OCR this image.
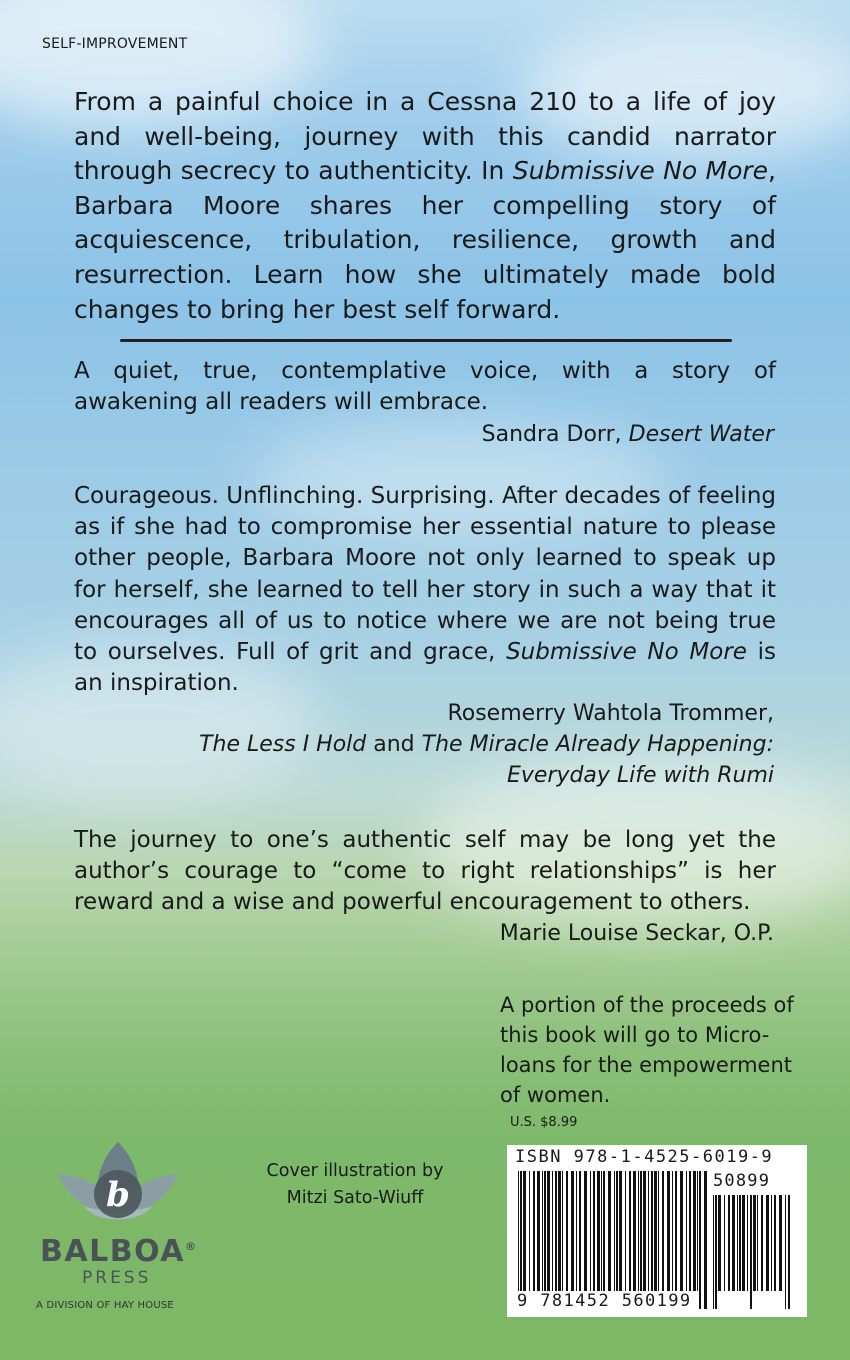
SELF-IMPROVEMENT
From a painful choice in a Cessna 210 to a life of joy and well-being, journey with this candid narrator through secrecy to authenticity. In Submissive No More, Barbara Moore shares her compelling story of acquiescence, tribulation, resilience, growth and resurrection. Learn how she ultimately made bold changes to bring her best self forward.
A quiet, true, contemplative voice, with a story of awakening all readers will embrace.
Sandra Dorr, Desert Water
Courageous. Unflinching. Surprising. After decades of feeling as if she had to compromise her essential nature to please other people, Barbara Moore not only learned to speak up for herself, she learned to tell her story in such a way that it encourages all of us to notice where we are not being true to ourselves. Full of grit and grace, Submissive No More is an inspiration.
Rosemerry Wahtola Trommer,
The Less I Hold and The Miracle Already Happening:
Everyday Life with Rumi
The journey to one’s authentic self may be long yet the author’s courage to “come to right relationships” is her reward and a wise and powerful encouragement to others.
Marie Louise Seckar, O.P.
A portion of the proceeds of this book will go to Micro-loans for the empowerment of women.
U.S. $8.99
Cover illustration by
Mitzi Sato-Wiuff
ISBN 978-1-4525-6019-9
50899
9 781452 560199
b
BALBOA®
PRESS
A DIVISION OF HAY HOUSE
